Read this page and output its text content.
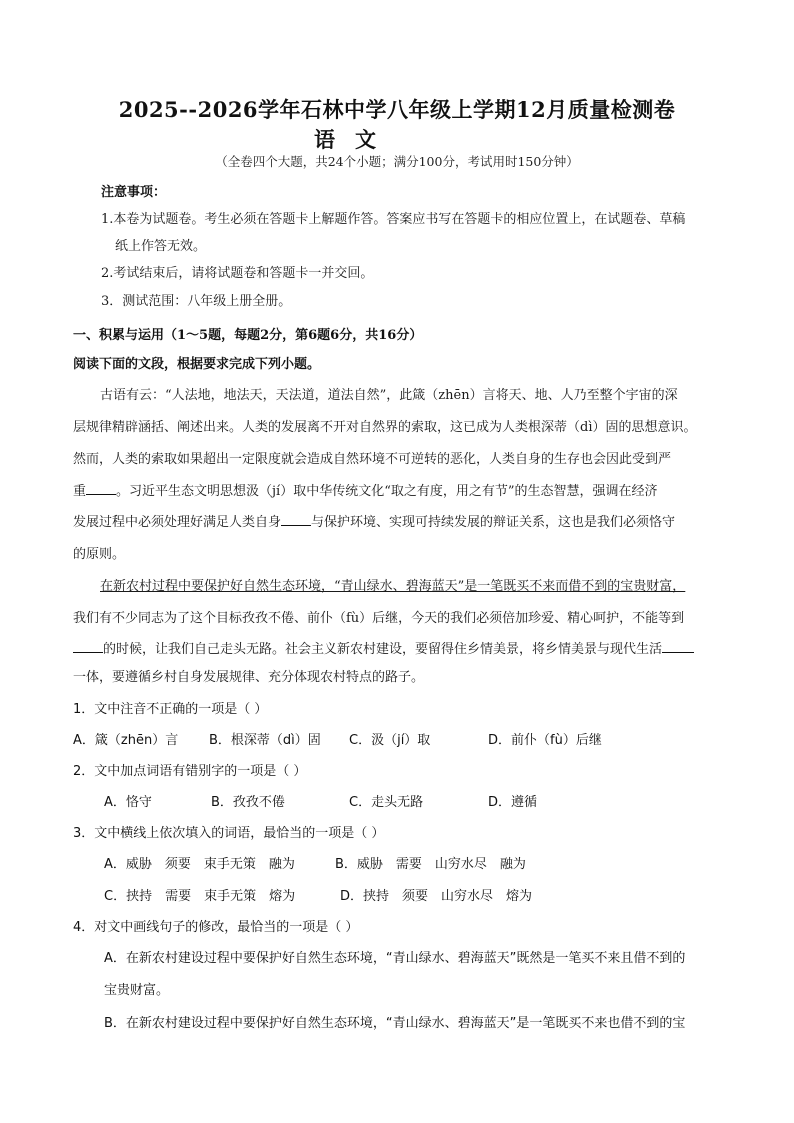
2025--2026学年石林中学八年级上学期12月质量检测卷
语文
（全卷四个大题，共24个小题；满分100分，考试用时150分钟）
注意事项：
1.本卷为试题卷。考生必须在答题卡上解题作答。答案应书写在答题卡的相应位置上，在试题卷、草稿
纸上作答无效。
2.考试结束后，请将试题卷和答题卡一并交回。
3．测试范围：八年级上册全册。
一、积累与运用（1～5题，每题2分，第6题6分，共16分）
阅读下面的文段，根据要求完成下列小题。
古语有云：“人法地，地法天，天法道，道法自然”，此箴（zhēn）言将天、地、人乃至整个宇宙的深
层规律精辟涵括、阐述出来。人类的发展离不开对自然界的索取，这已成为人类根深蒂（dì）固的思想意识。
然而，人类的索取如果超出一定限度就会造成自然环境不可逆转的恶化，人类自身的生存也会因此受到严
重 。习近平生态文明思想汲（jí）取中华传统文化“取之有度，用之有节”的生态智慧，强调在经济
发展过程中必须处理好满足人类自身 与保护环境、实现可持续发展的辩证关系，这也是我们必须恪守
的原则。
在新农村过程中要保护好自然生态环境，“青山绿水、碧海蓝天”是一笔既买不来而借不到的宝贵财富，
我们有不少同志为了这个目标孜孜不倦、前仆（fù）后继，今天的我们必须倍加珍爱、精心呵护，不能等到
的时候，让我们自己走头无路。社会主义新农村建设，要留得住乡情美景，将乡情美景与现代生活
一体，要遵循乡村自身发展规律、充分体现农村特点的路子。
1．文中注音不正确的一项是（ ）
A．箴（zhēn）言 B．根深蒂（dì）固 C．汲（jí）取	D．前仆（fù）后继
2．文中加点词语有错别字的一项是（ ）
A．恪守	B．孜孜不倦	C．走头无路	D．遵循
3．文中横线上依次填入的词语，最恰当的一项是（ ）
A．威胁　须要　束手无策　融为	B．威胁　需要　山穷水尽　融为
C．挟持　需要　束手无策　熔为	D．挟持　须要　山穷水尽　熔为
4．对文中画线句子的修改，最恰当的一项是（ ）
A．在新农村建设过程中要保护好自然生态环境，“青山绿水、碧海蓝天”既然是一笔买不来且借不到的
宝贵财富。
B．在新农村建设过程中要保护好自然生态环境，“青山绿水、碧海蓝天”是一笔既买不来也借不到的宝
